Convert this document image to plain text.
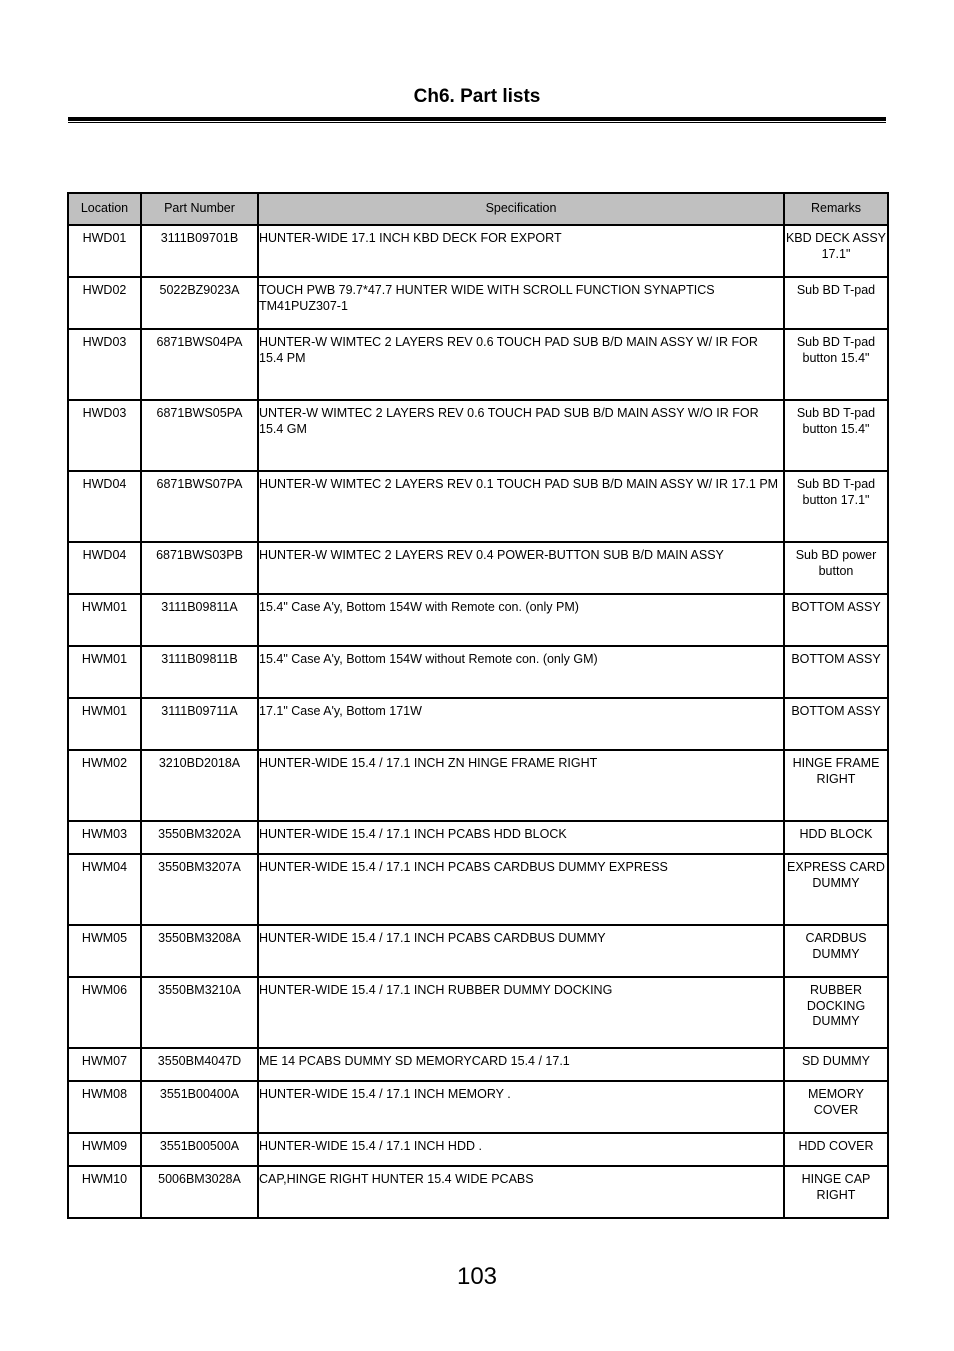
Ch6. Part lists
Location	Part Number	Specification	Remarks
HWD01	3111B09701B	HUNTER-WIDE 17.1 INCH KBD DECK FOR EXPORT	KBD DECK ASSY 17.1"
HWD02	5022BZ9023A	TOUCH PWB 79.7*47.7 HUNTER WIDE WITH SCROLL FUNCTION SYNAPTICS TM41PUZ307-1	Sub BD T-pad
HWD03	6871BWS04PA	HUNTER-W WIMTEC 2 LAYERS REV 0.6 TOUCH PAD SUB B/D MAIN ASSY W/ IR FOR 15.4 PM	Sub BD T-pad button 15.4"
HWD03	6871BWS05PA	UNTER-W WIMTEC 2 LAYERS REV 0.6 TOUCH PAD SUB B/D MAIN ASSY W/O IR FOR 15.4 GM	Sub BD T-pad button 15.4"
HWD04	6871BWS07PA	HUNTER-W WIMTEC 2 LAYERS REV 0.1 TOUCH PAD SUB B/D MAIN ASSY W/ IR 17.1 PM	Sub BD T-pad button 17.1"
HWD04	6871BWS03PB	HUNTER-W WIMTEC 2 LAYERS REV 0.4 POWER-BUTTON SUB B/D MAIN ASSY	Sub BD power button
HWM01	3111B09811A	15.4" Case A'y, Bottom 154W with Remote con. (only PM)	BOTTOM ASSY
HWM01	3111B09811B	15.4" Case A'y, Bottom 154W without Remote con. (only GM)	BOTTOM ASSY
HWM01	3111B09711A	17.1" Case A'y, Bottom 171W	BOTTOM ASSY
HWM02	3210BD2018A	HUNTER-WIDE 15.4 / 17.1 INCH ZN HINGE FRAME RIGHT	HINGE FRAME RIGHT
HWM03	3550BM3202A	HUNTER-WIDE 15.4 / 17.1 INCH PCABS HDD BLOCK	HDD BLOCK
HWM04	3550BM3207A	HUNTER-WIDE 15.4 / 17.1 INCH PCABS CARDBUS DUMMY EXPRESS	EXPRESS CARD DUMMY
HWM05	3550BM3208A	HUNTER-WIDE 15.4 / 17.1 INCH PCABS CARDBUS DUMMY	CARDBUS DUMMY
HWM06	3550BM3210A	HUNTER-WIDE 15.4 / 17.1 INCH RUBBER DUMMY DOCKING	RUBBER DOCKING DUMMY
HWM07	3550BM4047D	ME 14 PCABS DUMMY SD MEMORYCARD 15.4 / 17.1	SD DUMMY
HWM08	3551B00400A	HUNTER-WIDE 15.4 / 17.1 INCH MEMORY .	MEMORY COVER
HWM09	3551B00500A	HUNTER-WIDE 15.4 / 17.1 INCH HDD .	HDD COVER
HWM10	5006BM3028A	CAP,HINGE RIGHT HUNTER 15.4 WIDE PCABS	HINGE CAP RIGHT
103
